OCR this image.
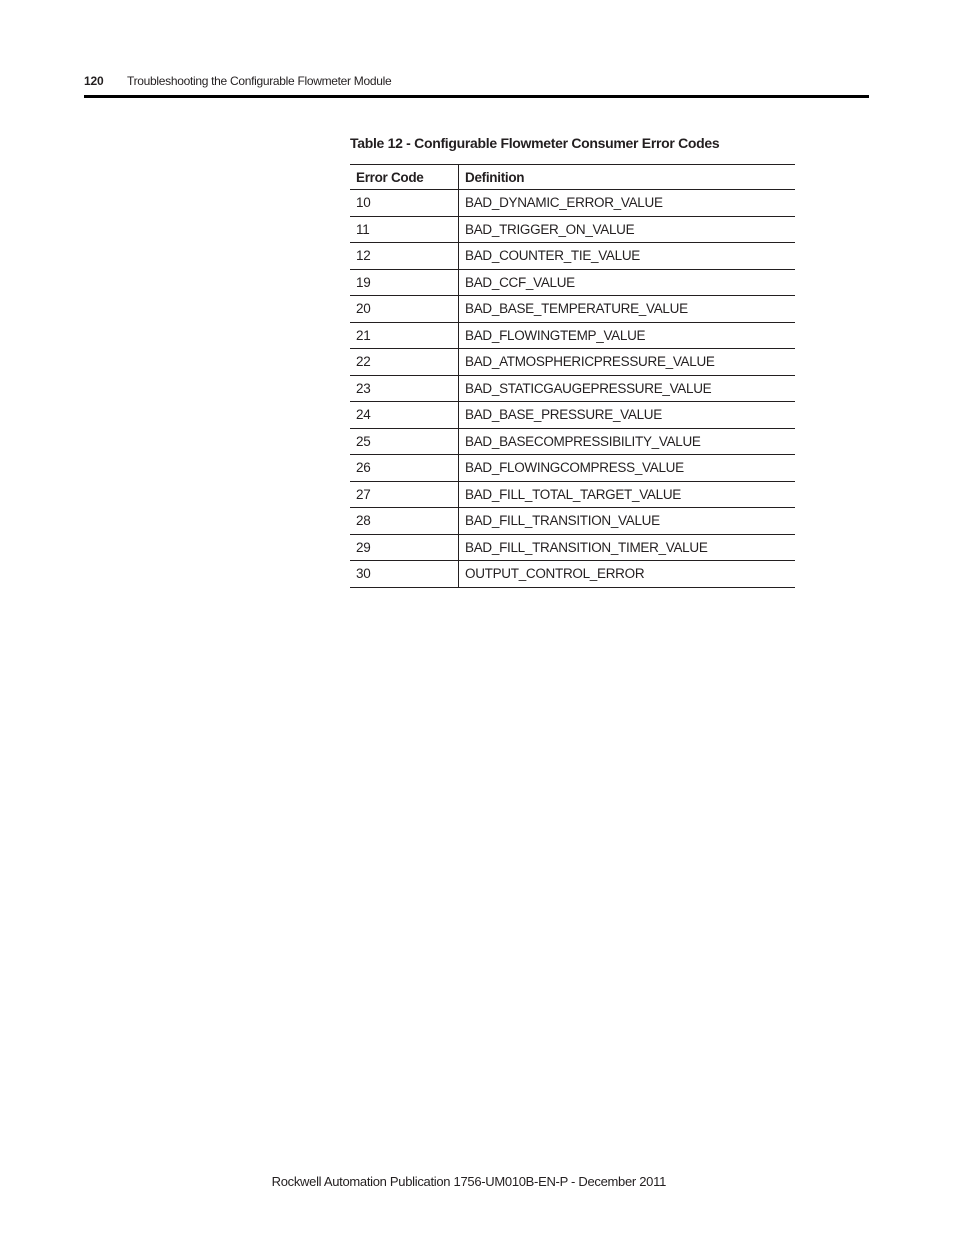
120 Troubleshooting the Configurable Flowmeter Module
Table 12 - Configurable Flowmeter Consumer Error Codes
Error Code	Definition
10	BAD_DYNAMIC_ERROR_VALUE
11	BAD_TRIGGER_ON_VALUE
12	BAD_COUNTER_TIE_VALUE
19	BAD_CCF_VALUE
20	BAD_BASE_TEMPERATURE_VALUE
21	BAD_FLOWINGTEMP_VALUE
22	BAD_ATMOSPHERICPRESSURE_VALUE
23	BAD_STATICGAUGEPRESSURE_VALUE
24	BAD_BASE_PRESSURE_VALUE
25	BAD_BASECOMPRESSIBILITY_VALUE
26	BAD_FLOWINGCOMPRESS_VALUE
27	BAD_FILL_TOTAL_TARGET_VALUE
28	BAD_FILL_TRANSITION_VALUE
29	BAD_FILL_TRANSITION_TIMER_VALUE
30	OUTPUT_CONTROL_ERROR
Rockwell Automation Publication 1756-UM010B-EN-P - December 2011
